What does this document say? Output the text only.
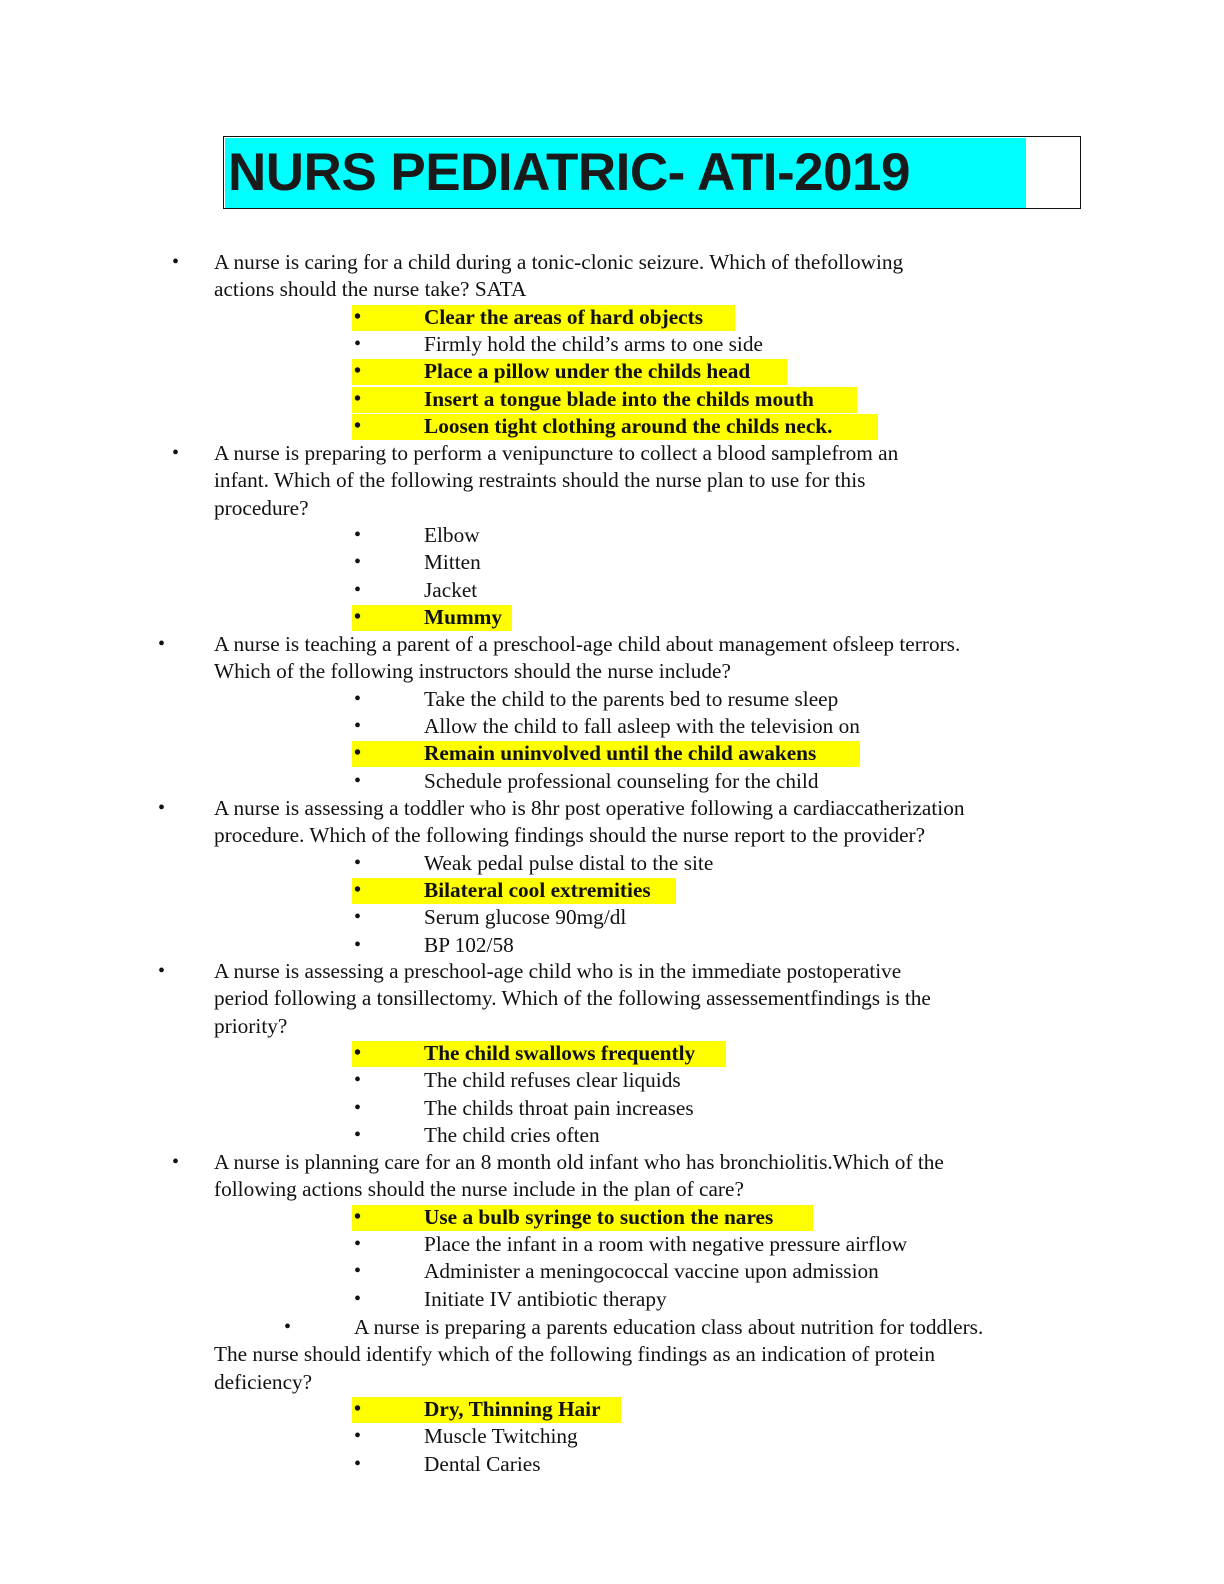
NURS PEDIATRIC- ATI-2019
• A nurse is caring for a child during a tonic-clonic seizure. Which of thefollowing
actions should the nurse take? SATA
•	Clear the areas of hard objects
•	Firmly hold the child’s arms to one side
•	Place a pillow under the childs head
•	Insert a tongue blade into the childs mouth
•	Loosen tight clothing around the childs neck.
• A nurse is preparing to perform a venipuncture to collect a blood samplefrom an
infant. Which of the following restraints should the nurse plan to use for this
procedure?
•	Elbow
•	Mitten
•	Jacket
•	Mummy
• A nurse is teaching a parent of a preschool-age child about management ofsleep terrors.
Which of the following instructors should the nurse include?
•	Take the child to the parents bed to resume sleep
•	Allow the child to fall asleep with the television on
•	Remain uninvolved until the child awakens
•	Schedule professional counseling for the child
• A nurse is assessing a toddler who is 8hr post operative following a cardiaccatherization
procedure. Which of the following findings should the nurse report to the provider?
•	Weak pedal pulse distal to the site
•	Bilateral cool extremities
•	Serum glucose 90mg/dl
•	BP 102/58
• A nurse is assessing a preschool-age child who is in the immediate postoperative
period following a tonsillectomy. Which of the following assessementfindings is the
priority?
•	The child swallows frequently
•	The child refuses clear liquids
•	The childs throat pain increases
•	The child cries often
• A nurse is planning care for an 8 month old infant who has bronchiolitis.Which of the
following actions should the nurse include in the plan of care?
•	Use a bulb syringe to suction the nares
•	Place the infant in a room with negative pressure airflow
•	Administer a meningococcal vaccine upon admission
•	Initiate IV antibiotic therapy
•	A nurse is preparing a parents education class about nutrition for toddlers.
The nurse should identify which of the following findings as an indication of protein
deficiency?
•	Dry, Thinning Hair
•	Muscle Twitching
•	Dental Caries
